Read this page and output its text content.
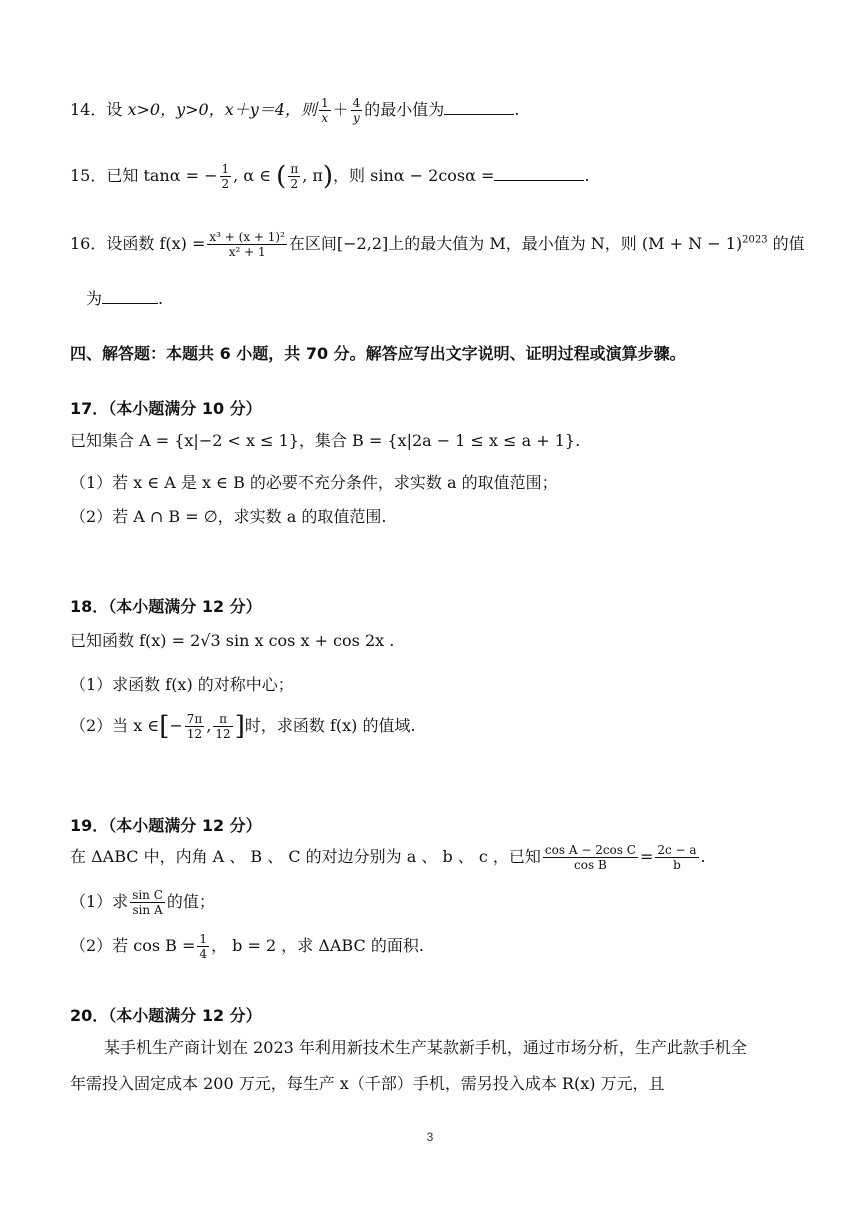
14．设 x>0，y>0，x＋y＝4，则 $\frac{1}{x} + \frac{4}{y}$ 的最小值为	.
15．已知 tanα = − $\frac{1}{2}$ , α ∈ ( $\frac{\pi}{2}$ , π)，则 sinα − 2cosα =	.
16．设函数 $f(x) = \frac{\text{x³ + (x + 1)²}}{\text{x² + 1}}$ 在区间[−2,2]上的最大值为 M，最小值为 N，则 $(M + N - 1)^{2023}$ 的值
为	.
四、解答题：本题共 6 小题，共 70 分。解答应写出文字说明、证明过程或演算步骤。
17．（本小题满分 10 分）
已知集合 A = {x|−2 < x ≤ 1}，集合 B = {x|2a − 1 ≤ x ≤ a + 1}.
（1）若 x ∈ A 是 x ∈ B 的必要不充分条件，求实数 a 的取值范围；
（2）若 A ∩ B = ∅，求实数 a 的取值范围.
18．（本小题满分 12 分）
已知函数 f(x) = 2√3 sin x cos x + cos 2x .
（1）求函数 f(x) 的对称中心；
（2）当 x ∈[− $\frac{7\pi}{12}$ , $\frac{\pi}{12}$ ]时，求函数 f(x) 的值域.
19．（本小题满分 12 分）
在 ΔABC 中，内角 A 、 B 、 C 的对边分别为 a 、 b 、 c ，已知 $\frac{\text{cos A − 2cos C}}{\text{cos B}} = \frac{2c - a}{b}$ .
（1）求 $\frac{\text{sin C}}{\text{sin A}}$ 的值；
（2）若 $\cos B = \frac{1}{4}$ ， b = 2 ，求 ΔABC 的面积.
20．（本小题满分 12 分）
某手机生产商计划在 2023 年利用新技术生产某款新手机，通过市场分析，生产此款手机全
年需投入固定成本 200 万元，每生产 x（千部）手机，需另投入成本 R(x) 万元，且
3
